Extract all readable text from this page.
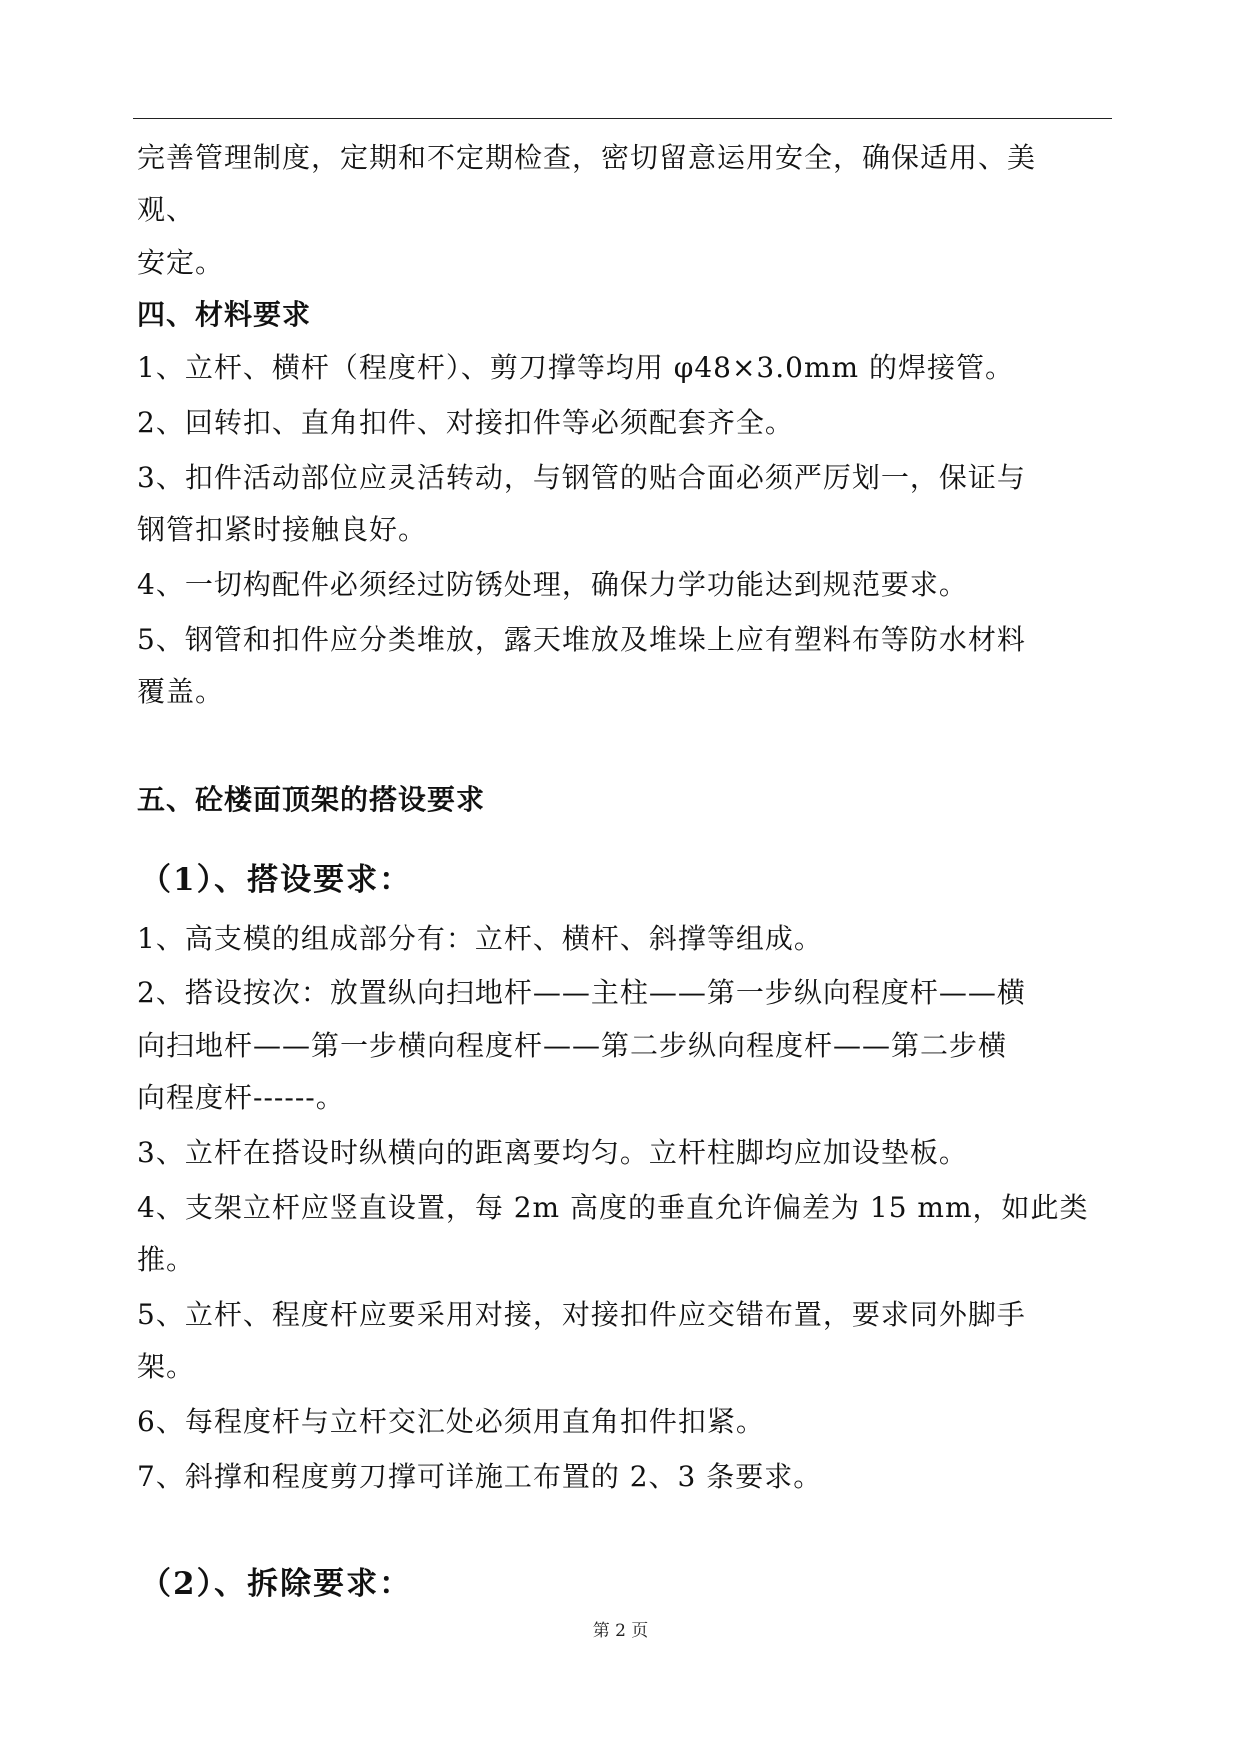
完善管理制度，定期和不定期检查，密切留意运用安全，确保适用、美
观、
安定。
四、材料要求
1、立杆、横杆（程度杆）、剪刀撑等均用 φ48×3.0mm 的焊接管。
2、回转扣、直角扣件、对接扣件等必须配套齐全。
3、扣件活动部位应灵活转动，与钢管的贴合面必须严厉划一，保证与
钢管扣紧时接触良好。
4、一切构配件必须经过防锈处理，确保力学功能达到规范要求。
5、钢管和扣件应分类堆放，露天堆放及堆垛上应有塑料布等防水材料
覆盖。
五、砼楼面顶架的搭设要求
（1）、搭设要求：
1、高支模的组成部分有：立杆、横杆、斜撑等组成。
2、搭设按次：放置纵向扫地杆——主柱——第一步纵向程度杆——横
向扫地杆——第一步横向程度杆——第二步纵向程度杆——第二步横
向程度杆------。
3、立杆在搭设时纵横向的距离要均匀。立杆柱脚均应加设垫板。
4、支架立杆应竖直设置，每 2m 高度的垂直允许偏差为 15 mm，如此类
推。
5、立杆、程度杆应要采用对接，对接扣件应交错布置，要求同外脚手
架。
6、每程度杆与立杆交汇处必须用直角扣件扣紧。
7、斜撑和程度剪刀撑可详施工布置的 2、3 条要求。
（2）、拆除要求：
第 2 页
